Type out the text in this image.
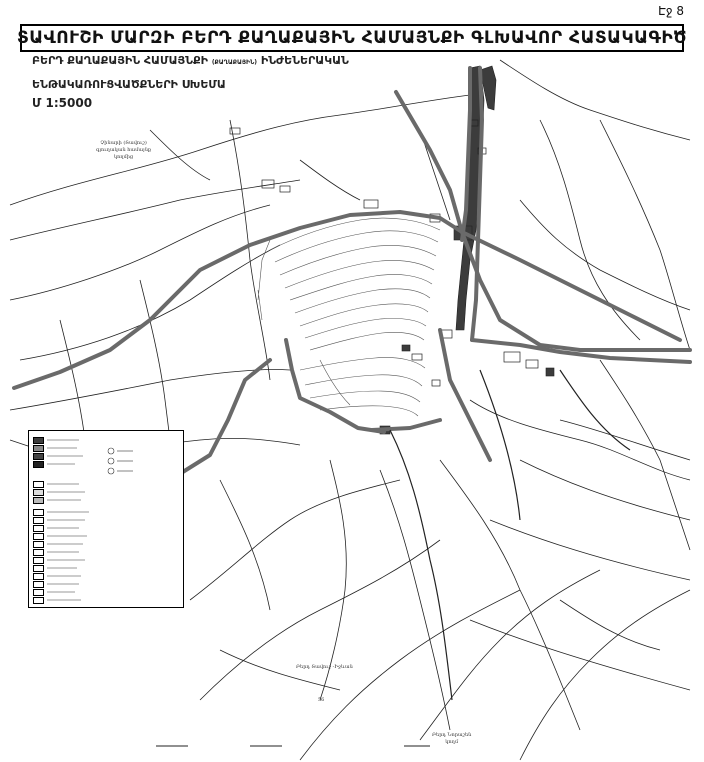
Էջ 8
ՏԱՎՈՒՇԻ ՄԱՐԶԻ ԲԵՐԴ ՔԱՂԱՔԱՅԻՆ ՀԱՄԱՅՆՔԻ ԳԼԽԱՎՈՐ ՀԱՏԱԿԱԳԻԾ
ԲԵՐԴ ՔԱՂԱՔԱՅԻՆ ՀԱՄԱՅՆՔԻ (ՔԱՂԱՔԱՅԻՆ) ԻՆԺԵՆԵՐԱԿԱՆ
ԵՆԹԱԿԱՌՈՒՑՎԱԾՔՆԵՐԻ ՍԽԵՄԱ
Մ 1:5000
Չինարի (Տավուշ)
գյուղական համայնք
կողմից
Բերդ Տավուշ -Իջևան
56
Բերդ Նորաշեն
կողմ
